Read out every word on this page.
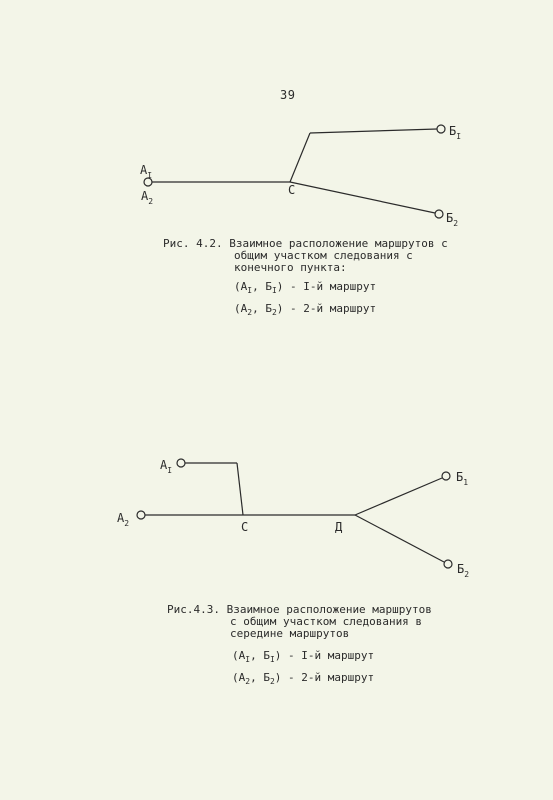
39
$A_I$
$A_2$
С
$Б_I$
$Б_2$
Рис. 4.2. Взаимное расположение маршрутов с
общим участком следования с
конечного пункта:
($A_I$, $Б_I) - I-й$ маршрут
($A_2$, $Б_2) - 2-й$ маршрут
$A_I$
$A_2$	С	Д
$Б_1$
$Б_2$
Рис.4.3. Взаимное расположение маршрутов
с общим участком следования в
середине маршрутов
($A_I$, $Б_I) - I-й$ маршрут
($A_2$, $Б_2) - 2-й$ маршрут
